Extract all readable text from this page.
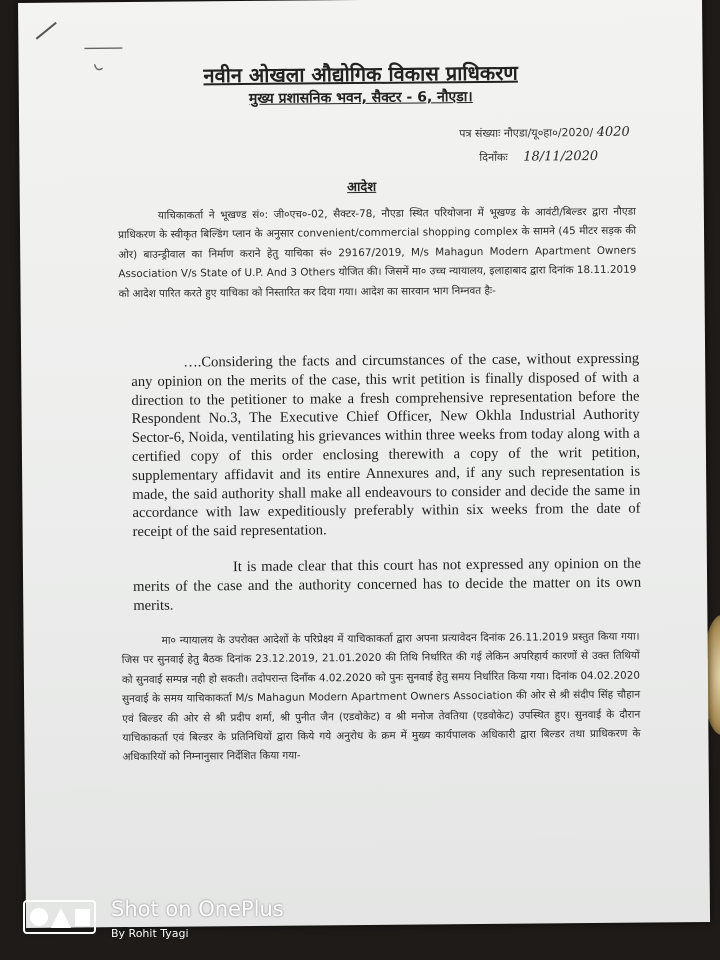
नवीन ओखला औद्योगिक विकास प्राधिकरण
मुख्य प्रशासनिक भवन, सैक्टर - 6, नौएडा।
पत्र संख्याः नौएडा/यू०हा०/2020/ 4020
दिनाँकः 18/11/2020
आदेश

याचिकाकर्ता ने भूखण्ड सं०: जी०एच०-02, सैक्टर-78, नौएडा स्थित परियोजना में भूखण्ड के आवंटी/बिल्डर द्वारा नौएडा प्राधिकरण के स्वीकृत बिल्डिंग प्लान के अनुसार convenient/commercial shopping complex के सामने (45 मीटर सड़क की ओर) बाउन्ड्रीवाल का निर्माण कराने हेतु याचिका सं० 29167/2019, M/s Mahagun Modern Apartment Owners Association V/s State of U.P. And 3 Others योजित की। जिसमें मा० उच्च न्यायालय, इलाहाबाद द्वारा दिनांक 18.11.2019 को आदेश पारित करते हुए याचिका को निस्तारित कर दिया गया। आदेश का सारवान भाग निम्नवत हैः-

….Considering the facts and circumstances of the case, without expressing any opinion on the merits of the case, this writ petition is finally disposed of with a direction to the petitioner to make a fresh comprehensive representation before the Respondent No.3, The Executive Chief Officer, New Okhla Industrial Authority Sector-6, Noida, ventilating his grievances within three weeks from today along with a certified copy of this order enclosing therewith a copy of the writ petition, supplementary affidavit and its entire Annexures and, if any such representation is made, the said authority shall make all endeavours to consider and decide the same in accordance with law expeditiously preferably within six weeks from the date of receipt of the said representation.

It is made clear that this court has not expressed any opinion on the merits of the case and the authority concerned has to decide the matter on its own merits.

मा० न्यायालय के उपरोक्त आदेशों के परिप्रेक्ष्य में याचिकाकर्ता द्वारा अपना प्रत्यावेदन दिनांक 26.11.2019 प्रस्तुत किया गया। जिस पर सुनवाई हेतु बैठक दिनांक 23.12.2019, 21.01.2020 की तिथि निर्धारित की गई लेकिन अपरिहार्य कारणों से उक्त तिथियों को सुनवाई सम्पन्न नही हो सकती। तदोपरान्त दिनाँक 4.02.2020 को पुनः सुनवाई हेतु समय निर्धारित किया गया। दिनांक 04.02.2020 सुनवाई के समय याचिकाकर्ता M/s Mahagun Modern Apartment Owners Association की ओर से श्री संदीप सिंह चौहान एवं बिल्डर की ओर से श्री प्रदीप शर्मा, श्री पुनीत जैन (एडवोकेट) व श्री मनोज तेवतिया (एडवोकेट) उपस्थित हुए। सुनवाई के दौरान याचिकाकर्ता एवं बिल्डर के प्रतिनिधियों द्वारा किये गये अनुरोध के क्रम में मुख्य कार्यपालक अधिकारी द्वारा बिल्डर तथा प्राधिकरण के अधिकारियों को निम्नानुसार निर्देशित किया गया-

Shot on OnePlus
By Rohit Tyagi
